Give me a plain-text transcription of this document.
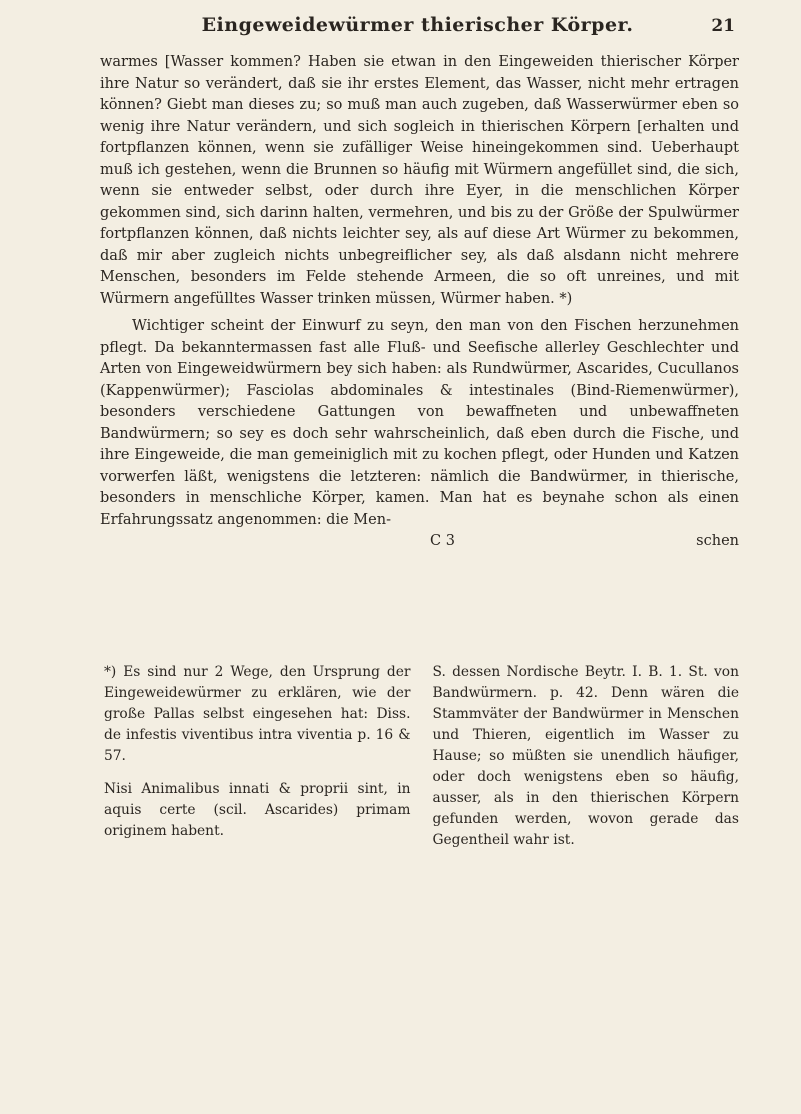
Eingeweidewürmer thierischer Körper.	21

warmes [Wasser kommen? Haben sie etwan in den Eingeweiden thierischer Körper ihre Natur so verändert, daß sie ihr erstes Element, das Wasser, nicht mehr ertragen können? Giebt man dieses zu; so muß man auch zugeben, daß Wasserwürmer eben so wenig ihre Natur verändern, und sich sogleich in thierischen Körpern [erhalten und fortpflanzen können, wenn sie zufälliger Weise hineingekommen sind. Ueberhaupt muß ich gestehen, wenn die Brunnen so häufig mit Würmern angefüllet sind, die sich, wenn sie entweder selbst, oder durch ihre Eyer, in die menschlichen Körper gekommen sind, sich darinn halten, vermehren, und bis zu der Größe der Spulwürmer fortpflanzen können, daß nichts leichter sey, als auf diese Art Würmer zu bekommen, daß mir aber zugleich nichts unbegreiflicher sey, als daß alsdann nicht mehrere Menschen, besonders im Felde stehende Armeen, die so oft unreines, und mit Würmern angefülltes Wasser trinken müssen, Würmer haben. *)

Wichtiger scheint der Einwurf zu seyn, den man von den Fischen herzunehmen pflegt. Da bekanntermassen fast alle Fluß- und Seefische allerley Geschlechter und Arten von Eingeweidwürmern bey sich haben: als Rundwürmer, Ascarides, Cucullanos (Kappenwürmer); Fasciolas abdominales & intestinales (Bind-Riemenwürmer), besonders verschiedene Gattungen von bewaffneten und unbewaffneten Bandwürmern; so sey es doch sehr wahrscheinlich, daß eben durch die Fische, und ihre Eingeweide, die man gemeiniglich mit zu kochen pflegt, oder Hunden und Katzen vorwerfen läßt, wenigstens die letzteren: nämlich die Bandwürmer, in thierische, besonders in menschliche Körper, kamen. Man hat es beynahe schon als einen Erfahrungssatz angenommen: die Men-

C 3	schen

*) Es sind nur 2 Wege, den Ursprung der Eingeweidewürmer zu erklären, wie der große Pallas selbst eingesehen hat: Diss. de infestis viventibus intra viventia p. 16 & 57.

Nisi Animalibus innati & proprii sint, in aquis certe (scil. Ascarides) primam originem habent.

S. dessen Nordische Beytr. I. B. 1. St. von Bandwürmern. p. 42. Denn wären die Stammväter der Bandwürmer in Menschen und Thieren, eigentlich im Wasser zu Hause; so müßten sie unendlich häufiger, oder doch wenigstens eben so häufig, ausser, als in den thierischen Körpern gefunden werden, wovon gerade das Gegentheil wahr ist.
